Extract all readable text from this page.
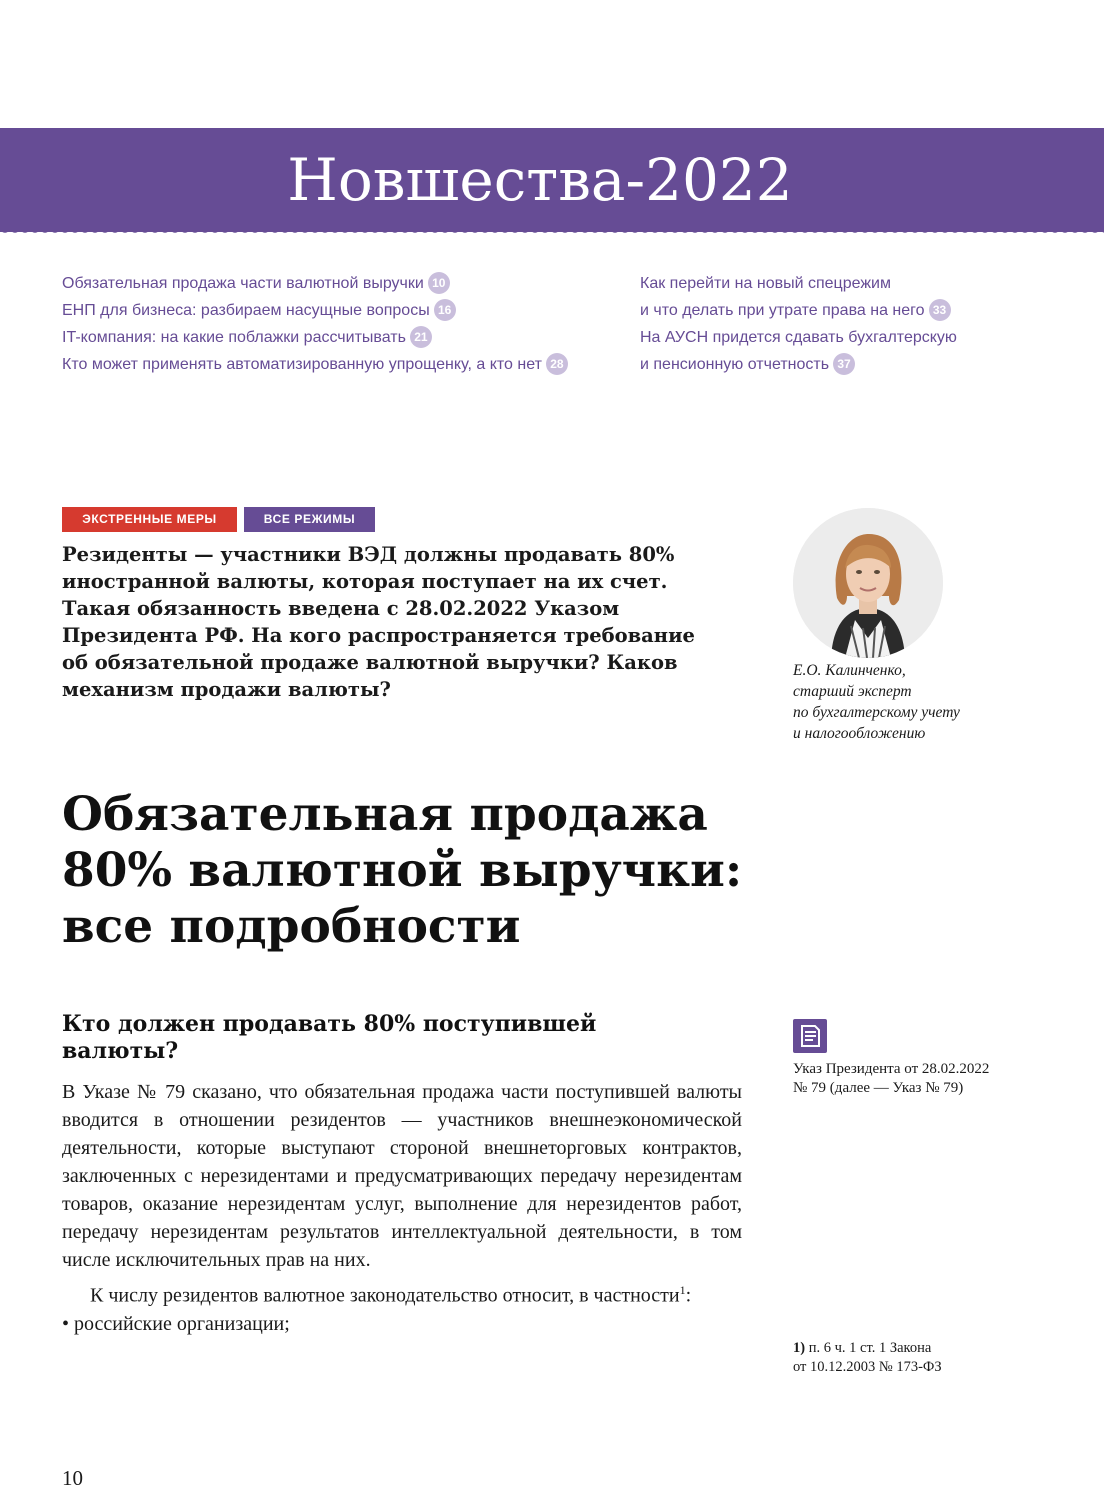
Новшества-2022
Обязательная продажа части валютной выручки 10
ЕНП для бизнеса: разбираем насущные вопросы 16
IT-компания: на какие поблажки рассчитывать 21
Кто может применять автоматизированную упрощенку, а кто нет 28
Как перейти на новый спецрежим
и что делать при утрате права на него 33
На АУСН придется сдавать бухгалтерскую
и пенсионную отчетность 37
ЭКСТРЕННЫЕ МЕРЫ	ВСЕ РЕЖИМЫ

Резиденты — участники ВЭД должны продавать 80% иностранной валюты, которая поступает на их счет. Такая обязанность введена с 28.02.2022 Указом Президента РФ. На кого распространяется требование об обязательной продаже валютной выручки? Каков механизм продажи валюты?

Е.О. Калинченко,
старший эксперт
по бухгалтерскому учету
и налогообложению
Обязательная продажа
80% валютной выручки:
все подробности
Кто должен продавать 80% поступившей валюты?

В Указе № 79 сказано, что обязательная продажа части поступившей валюты вводится в отношении резидентов — участников внешнеэкономической деятельности, которые выступают стороной внешнеторговых контрактов, заключенных с нерезидентами и предусматривающих передачу нерезидентам товаров, оказание нерезидентам услуг, выполнение для нерезидентов работ, передачу нерезидентам результатов интеллектуальной деятельности, в том числе исключительных прав на них.

К числу резидентов валютное законодательство относит, в частности$^1$:

• российские организации;

Указ Президента от 28.02.2022
№ 79 (далее — Указ № 79)
1) п. 6 ч. 1 ст. 1 Закона
от 10.12.2003 № 173-ФЗ

10
